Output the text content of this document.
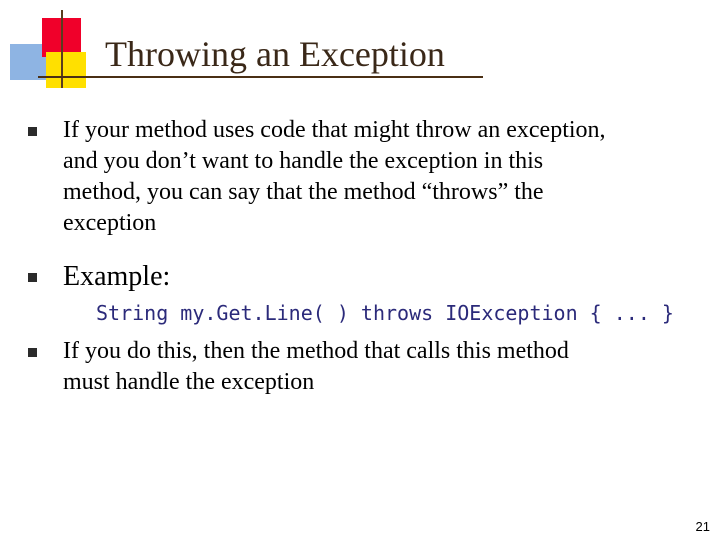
Throwing an Exception
If your method uses code that might throw an exception,
and you don’t want to handle the exception in this
method, you can say that the method “throws” the
exception
Example:
String my.Get.Line( ) throws IOException { ... }
If you do this, then the method that calls this method
must handle the exception
21
